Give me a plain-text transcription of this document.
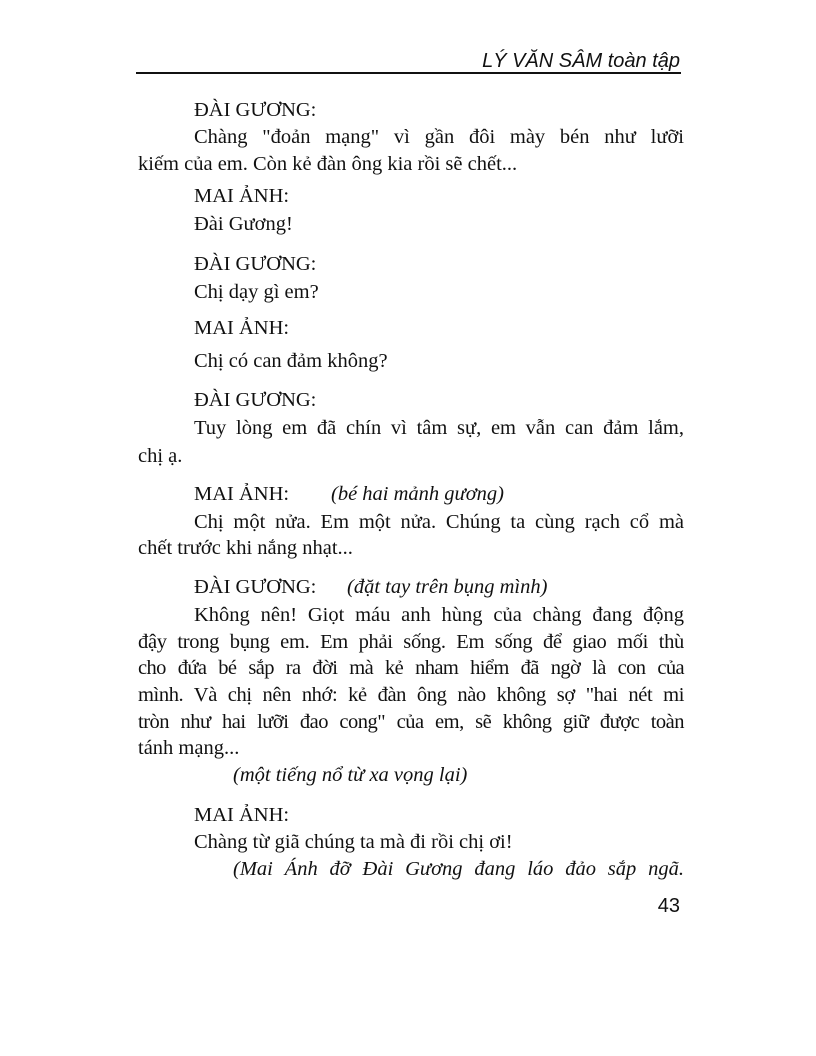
LÝ VĂN SÂM toàn tập
ĐÀI GƯƠNG:
Chàng "đoản mạng" vì gần đôi mày bén như lưỡi
kiếm của em. Còn kẻ đàn ông kia rồi sẽ chết...
MAI ẢNH:
Đài Gương!
ĐÀI GƯƠNG:
Chị dạy gì em?
MAI ẢNH:
Chị có can đảm không?
ĐÀI GƯƠNG:
Tuy lòng em đã chín vì tâm sự, em vẫn can đảm lắm,
chị ạ.
MAI ẢNH: (bé hai mảnh gương)
Chị một nửa. Em một nửa. Chúng ta cùng rạch cổ mà
chết trước khi nắng nhạt...
ĐÀI GƯƠNG: (đặt tay trên bụng mình)
Không nên! Giọt máu anh hùng của chàng đang động
đậy trong bụng em. Em phải sống. Em sống để giao mối thù
cho đứa bé sắp ra đời mà kẻ nham hiểm đã ngờ là con của
mình. Và chị nên nhớ: kẻ đàn ông nào không sợ "hai nét mi
tròn như hai lưỡi đao cong" của em, sẽ không giữ được toàn
tánh mạng...
(một tiếng nổ từ xa vọng lại)
MAI ẢNH:
Chàng từ giã chúng ta mà đi rồi chị ơi!
(Mai Ánh đỡ Đài Gương đang láo đảo sắp ngã.
43
